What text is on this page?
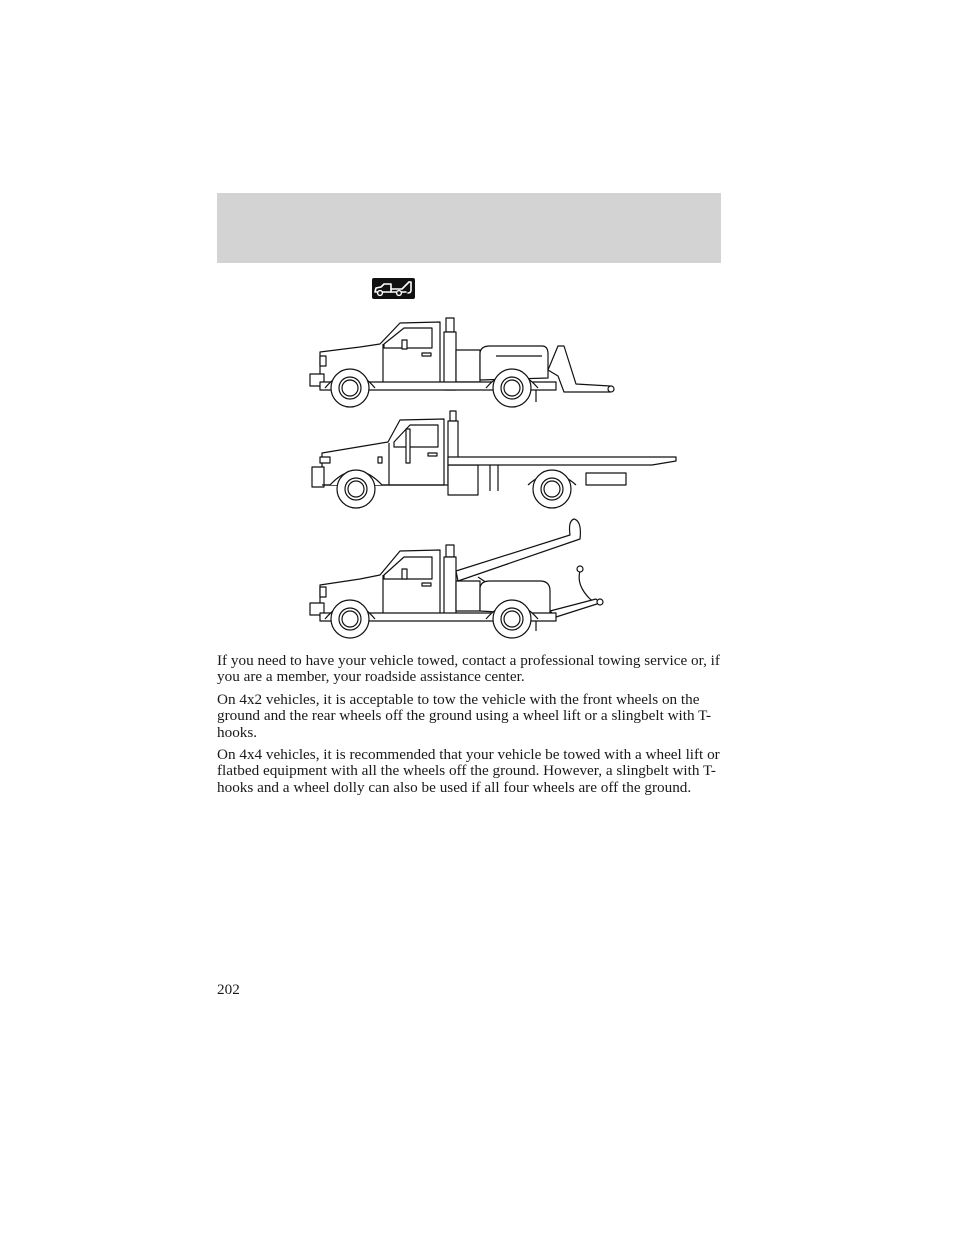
If you need to have your vehicle towed, contact a professional towing service or, if you are a member, your roadside assistance center.

On 4x2 vehicles, it is acceptable to tow the vehicle with the front wheels on the ground and the rear wheels off the ground using a wheel lift or a slingbelt with T-hooks.

On 4x4 vehicles, it is recommended that your vehicle be towed with a wheel lift or flatbed equipment with all the wheels off the ground. However, a slingbelt with T-hooks and a wheel dolly can also be used if all four wheels are off the ground.

202
